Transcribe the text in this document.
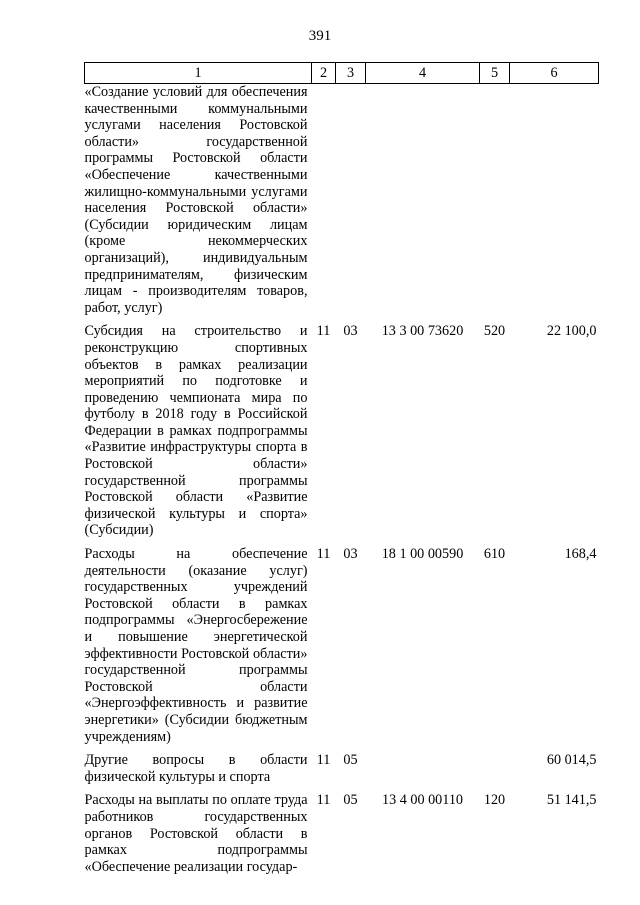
391
1	2	3	4	5	6
«Создание условий для обеспечения качественными коммунальными услугами населения Ростовской области» государственной программы Ростовской области «Обеспечение качественными жилищно-коммунальными услугами населения Ростовской области» (Субсидии юридическим лицам (кроме некоммерческих организаций), индивидуальным предпринимателям, физическим лицам - производителям товаров, работ, услуг)					
Субсидия на строительство и реконструкцию спортивных объектов в рамках реализации мероприятий по подготовке и проведению чемпионата мира по футболу в 2018 году в Российской Федерации в рамках подпрограммы «Развитие инфраструктуры спорта в Ростовской области» государственной программы Ростовской области «Развитие физической культуры и спорта» (Субсидии)	11	03	13 3 00 73620	520	22 100,0
Расходы на обеспечение деятельности (оказание услуг) государственных учреждений Ростовской области в рамках подпрограммы «Энергосбережение и повышение энергетической эффективности Ростовской области» государственной программы Ростовской области «Энергоэффективность и развитие энергетики» (Субсидии бюджетным учреждениям)	11	03	18 1 00 00590	610	168,4
Другие вопросы в области физической культуры и спорта	11	05			60 014,5
Расходы на выплаты по оплате труда работников государственных органов Ростовской области в рамках подпрограммы «Обеспечение реализации государ-	11	05	13 4 00 00110	120	51 141,5
